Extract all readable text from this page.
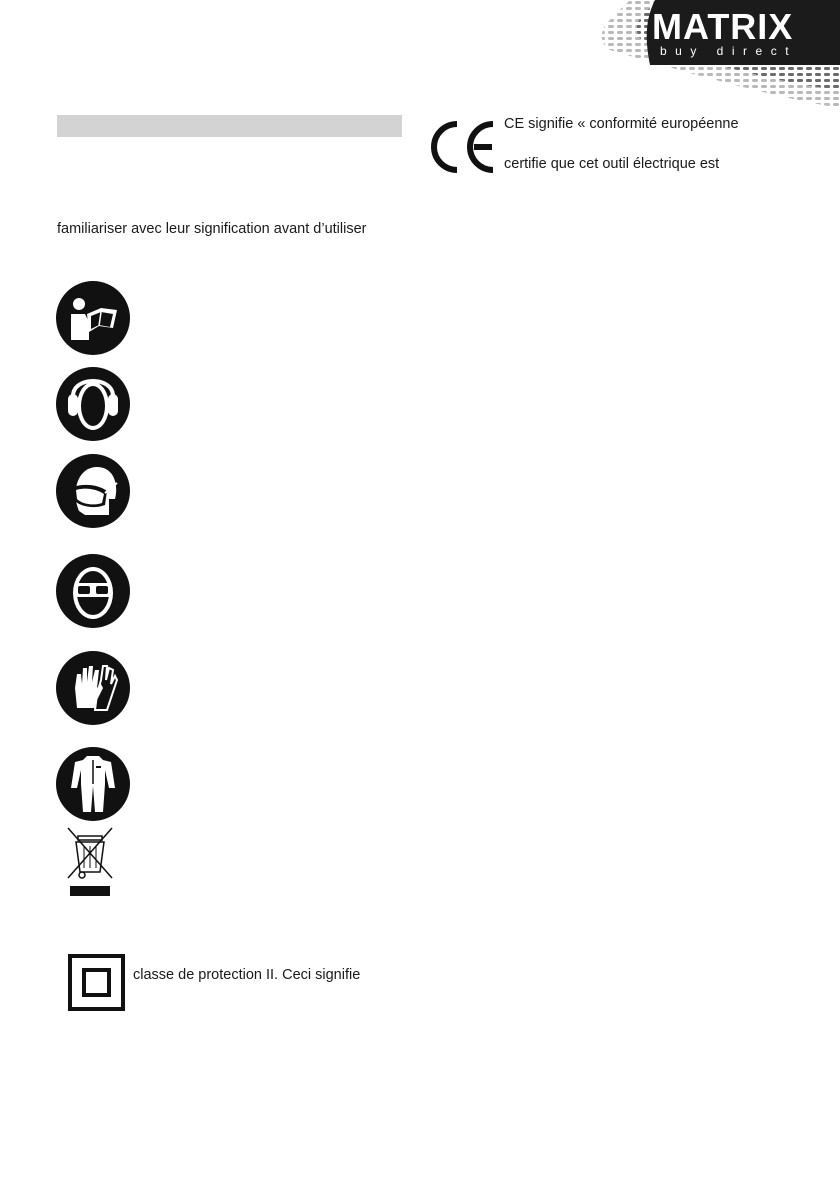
MATRIX
buy direct
CE signifie « conformité européenne
certifie que cet outil électrique est
familiariser avec leur signification avant d’utiliser
classe de protection II. Ceci signifie
